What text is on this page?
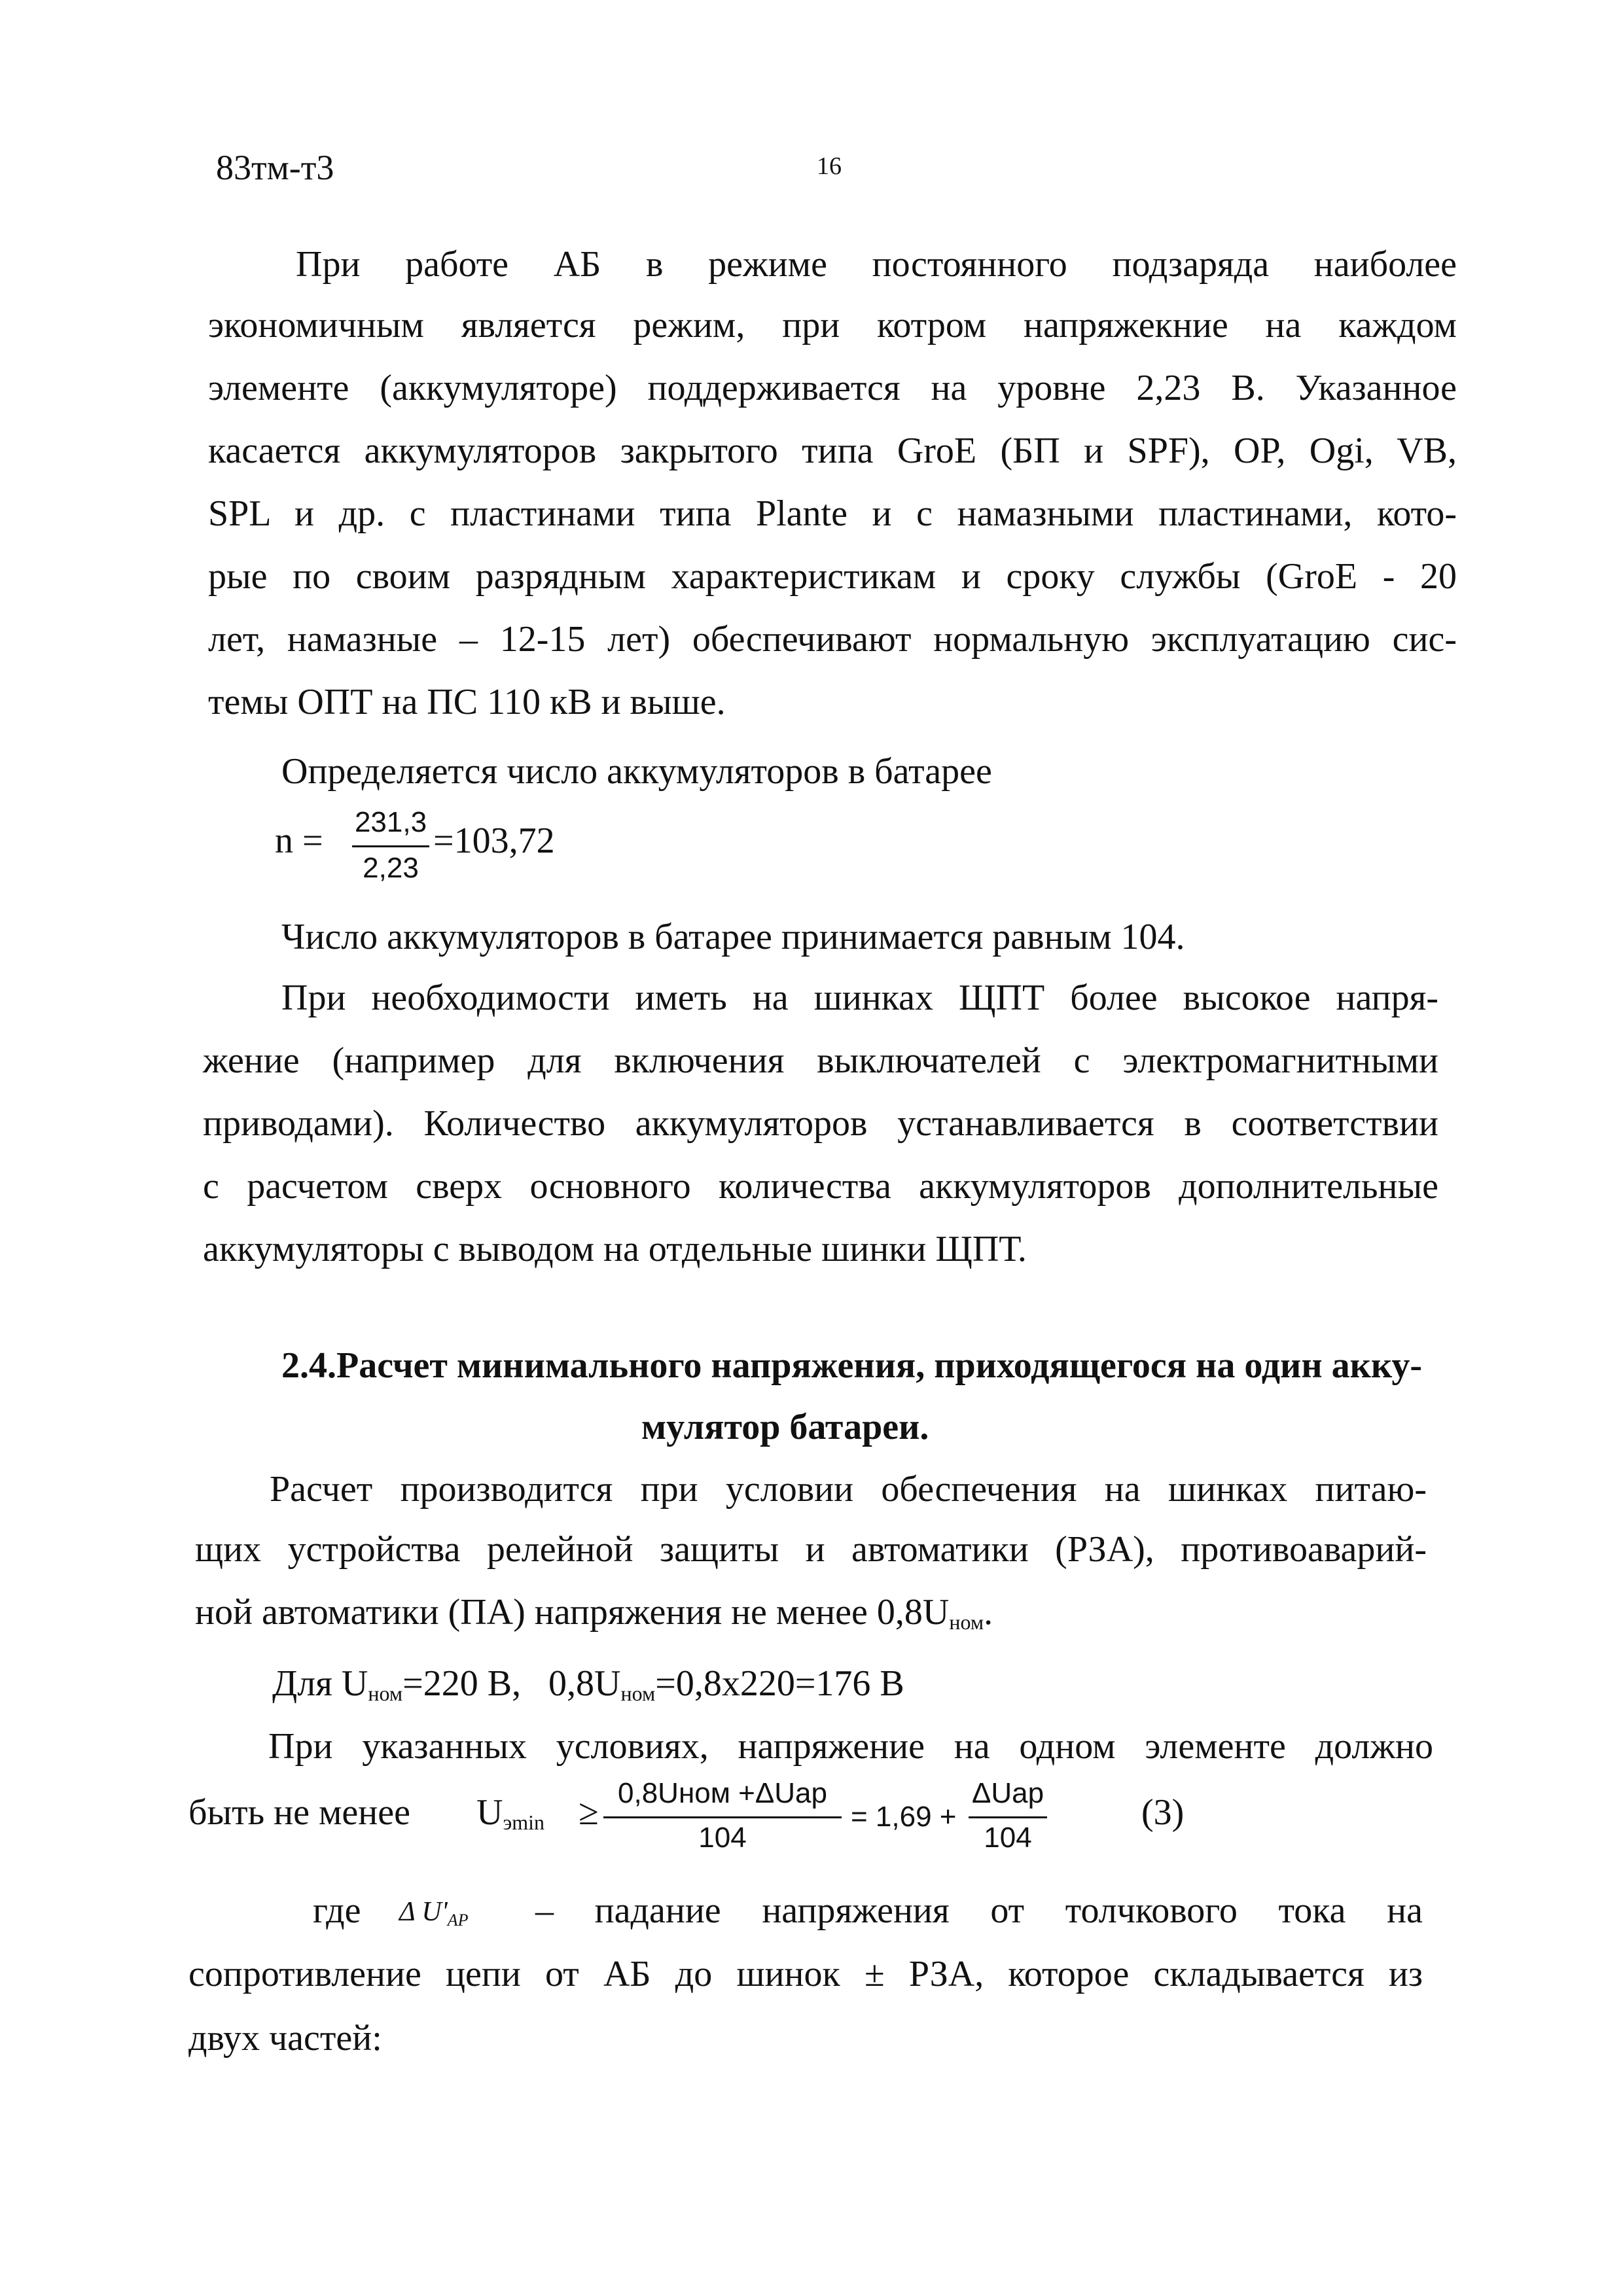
83тм-т3	16
При работе АБ в режиме постоянного подзаряда наиболее
экономичным является режим, при котром напряжекние на каждом
элементе (аккумуляторе) поддерживается на уровне 2,23 В. Указанное
касается аккумуляторов закрытого типа GroE (БП и SPF), OP, Ogi, VB,
SPL и др. с пластинами типа Plante и с намазными пластинами, кото-
рые по своим разрядным характеристикам и сроку службы (GroE - 20
лет, намазные – 12-15 лет) обеспечивают нормальную эксплуатацию сис-
темы ОПТ на ПС 110 кВ и выше.
Определяется число аккумуляторов в батарее
n = 231,3
2,23
=103,72
Число аккумуляторов в батарее принимается равным 104.
При необходимости иметь на шинках ЩПТ более высокое напря-
жение (например для включения выключателей с электромагнитными
приводами). Количество аккумуляторов устанавливается в соответствии
с расчетом сверх основного количества аккумуляторов дополнительные
аккумуляторы с выводом на отдельные шинки ЩПТ.
2.4.Расчет минимального напряжения, приходящегося на один акку-
мулятор батареи.
Расчет производится при условии обеспечения на шинках питаю-
щих устройства релейной защиты и автоматики (РЗА), противоаварий-
ной автоматики (ПА) напряжения не менее $0,8U_{ном}$.
Для $U_{ном}=220$ В,   $0,8U_{ном}=0,8х220=176$ В
При указанных условиях, напряжение на одном элементе должно
быть не менее $U_{эmin}$ ≥ 0,8Uном +ΔUар
104
= 1,69 +
ΔUар
104
(3)
где Δ $U'_{АР}$ – падание напряжения от толчкового тока на
сопротивление цепи от АБ до шинок ± РЗА, которое складывается из
двух частей:
